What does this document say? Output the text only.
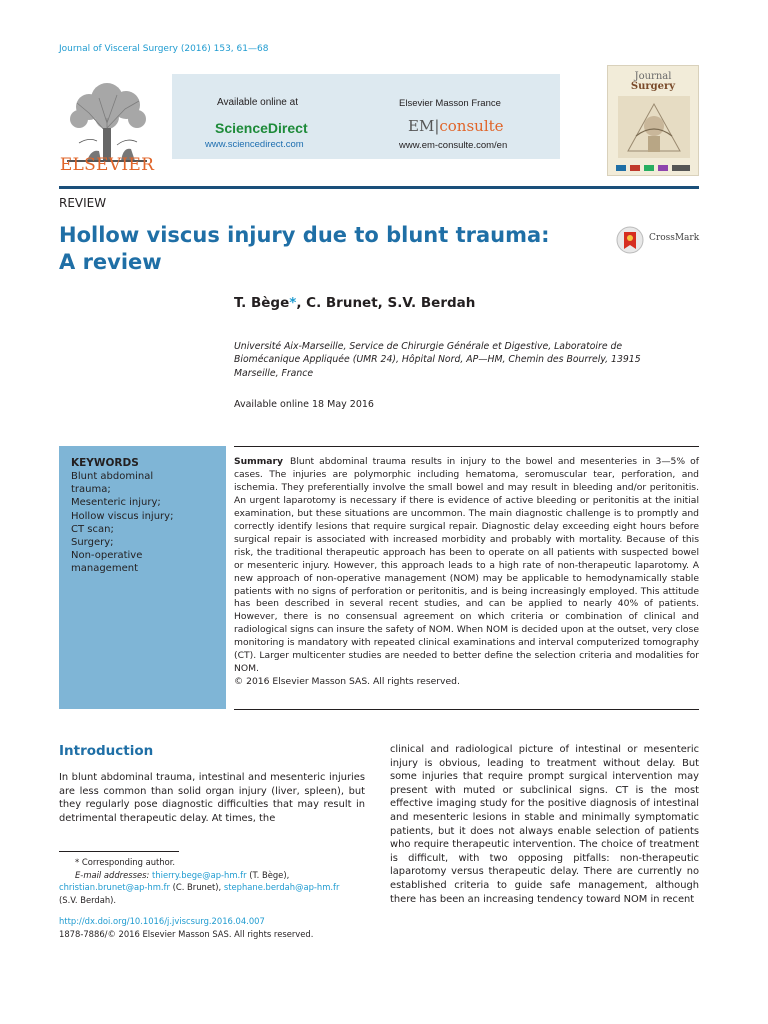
Journal of Visceral Surgery (2016) 153, 61—68
ELSEVIER
Available online at
ScienceDirect
www.sciencedirect.com
Elsevier Masson France
EM|consulte
www.em-consulte.com/en
Journal
Surgery
REVIEW
Hollow viscus injury due to blunt trauma:
A review
CrossMark
T. Bège*, C. Brunet, S.V. Berdah
Université Aix-Marseille, Service de Chirurgie Générale et Digestive, Laboratoire de Biomécanique Appliquée (UMR 24), Hôpital Nord, AP—HM, Chemin des Bourrely, 13915 Marseille, France
Available online 18 May 2016
KEYWORDS
Blunt abdominal
trauma;
Mesenteric injury;
Hollow viscus injury;
CT scan;
Surgery;
Non-operative
management
Summary Blunt abdominal trauma results in injury to the bowel and mesenteries in 3—5% of cases. The injuries are polymorphic including hematoma, seromuscular tear, perforation, and ischemia. They preferentially involve the small bowel and may result in bleeding and/or peritonitis. An urgent laparotomy is necessary if there is evidence of active bleeding or peritonitis at the initial examination, but these situations are uncommon. The main diagnostic challenge is to promptly and correctly identify lesions that require surgical repair. Diagnostic delay exceeding eight hours before surgical repair is associated with increased morbidity and probably with mortality. Because of this risk, the traditional therapeutic approach has been to operate on all patients with suspected bowel or mesenteric injury. However, this approach leads to a high rate of non-therapeutic laparotomy. A new approach of non-operative management (NOM) may be applicable to hemodynamically stable patients with no signs of perforation or peritonitis, and is being increasingly employed. This attitude has been described in several recent studies, and can be applied to nearly 40% of patients. However, there is no consensual agreement on which criteria or combination of clinical and radiological signs can insure the safety of NOM. When NOM is decided upon at the outset, very close monitoring is mandatory with repeated clinical examinations and interval computerized tomography (CT). Larger multicenter studies are needed to better define the selection criteria and modalities for NOM.
© 2016 Elsevier Masson SAS. All rights reserved.
Introduction
In blunt abdominal trauma, intestinal and mesenteric injuries are less common than solid organ injury (liver, spleen), but they regularly pose diagnostic difficulties that may result in detrimental therapeutic delay. At times, the
clinical and radiological picture of intestinal or mesenteric injury is obvious, leading to treatment without delay. But some injuries that require prompt surgical intervention may present with muted or subclinical signs. CT is the most effective imaging study for the positive diagnosis of intestinal and mesenteric lesions in stable and minimally symptomatic patients, but it does not always enable selection of patients who require therapeutic intervention. The choice of treatment is difficult, with two opposing pitfalls: non-therapeutic laparotomy versus therapeutic delay. There are currently no established criteria to guide safe management, although there has been an increasing tendency toward NOM in recent
* Corresponding author.
E-mail addresses: thierry.bege@ap-hm.fr (T. Bège),
christian.brunet@ap-hm.fr (C. Brunet), stephane.berdah@ap-hm.fr
(S.V. Berdah).
http://dx.doi.org/10.1016/j.jviscsurg.2016.04.007
1878-7886/© 2016 Elsevier Masson SAS. All rights reserved.
